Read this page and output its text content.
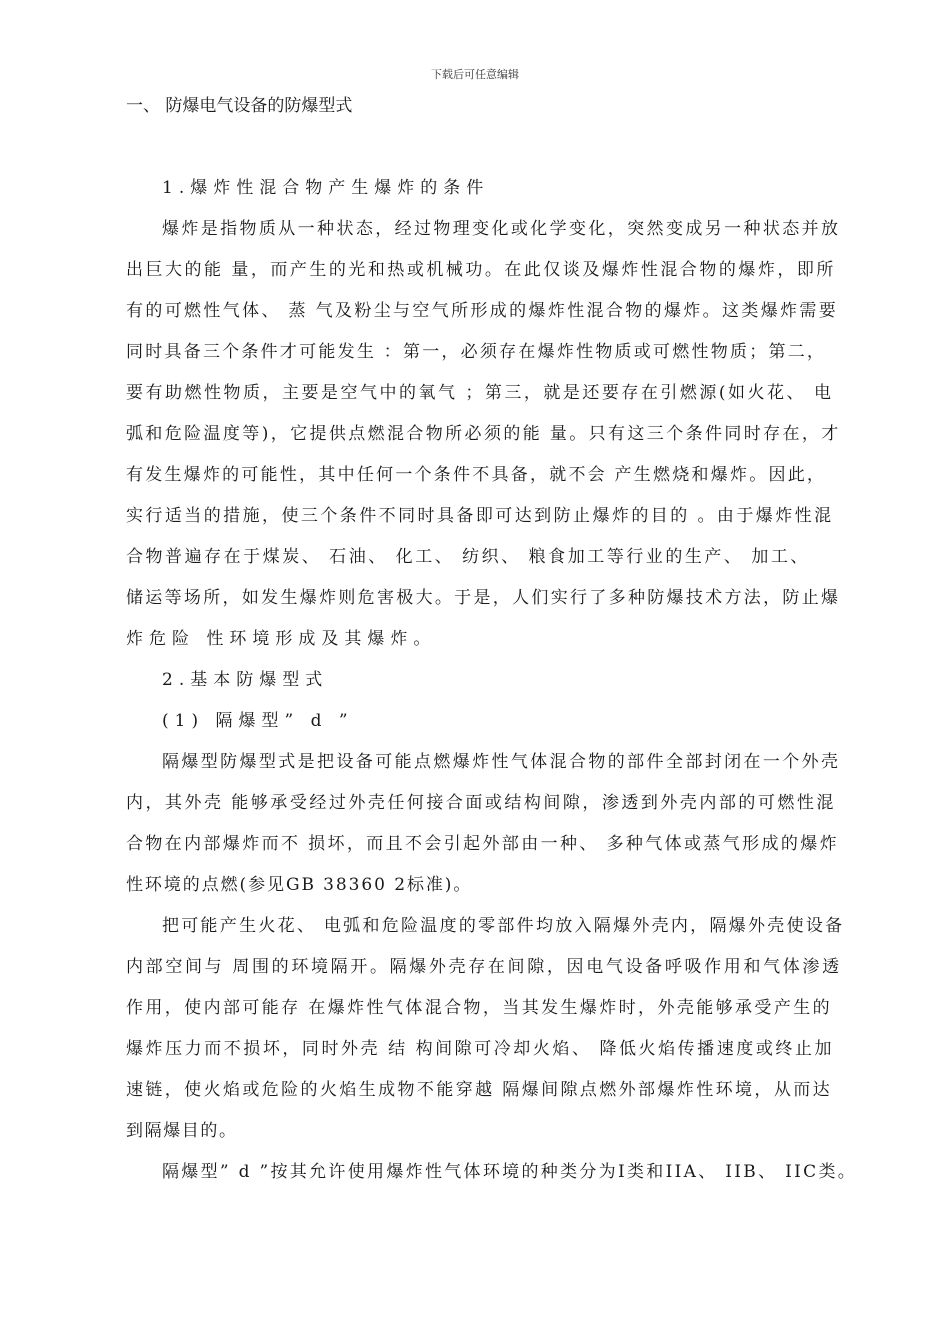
下载后可任意编辑
一、 防爆电气设备的防爆型式
1.爆炸性混合物产生爆炸的条件
爆炸是指物质从一种状态，经过物理变化或化学变化，突然变成另一种状态并放
出巨大的能 量，而产生的光和热或机械功。在此仅谈及爆炸性混合物的爆炸，即所
有的可燃性气体、 蒸 气及粉尘与空气所形成的爆炸性混合物的爆炸。这类爆炸需要
同时具备三个条件才可能发生 ：第一，必须存在爆炸性物质或可燃性物质；第二，
要有助燃性物质，主要是空气中的氧气 ；第三，就是还要存在引燃源(如火花、 电
弧和危险温度等)，它提供点燃混合物所必须的能 量。只有这三个条件同时存在，才
有发生爆炸的可能性，其中任何一个条件不具备，就不会 产生燃烧和爆炸。因此，
实行适当的措施，使三个条件不同时具备即可达到防止爆炸的目的 。由于爆炸性混
合物普遍存在于煤炭、 石油、 化工、 纺织、 粮食加工等行业的生产、 加工、
储运等场所，如发生爆炸则危害极大。于是，人们实行了多种防爆技术方法，防止爆
炸危险 性环境形成及其爆炸。
2.基本防爆型式
(1) 隔爆型” d ”
隔爆型防爆型式是把设备可能点燃爆炸性气体混合物的部件全部封闭在一个外壳
内，其外壳 能够承受经过外壳任何接合面或结构间隙，渗透到外壳内部的可燃性混
合物在内部爆炸而不 损坏，而且不会引起外部由一种、 多种气体或蒸气形成的爆炸
性环境的点燃(参见GB 38360 2标准)。
把可能产生火花、 电弧和危险温度的零部件均放入隔爆外壳内，隔爆外壳使设备
内部空间与 周围的环境隔开。隔爆外壳存在间隙，因电气设备呼吸作用和气体渗透
作用，使内部可能存 在爆炸性气体混合物，当其发生爆炸时，外壳能够承受产生的
爆炸压力而不损坏，同时外壳 结 构间隙可冷却火焰、 降低火焰传播速度或终止加
速链，使火焰或危险的火焰生成物不能穿越 隔爆间隙点燃外部爆炸性环境，从而达
到隔爆目的。
隔爆型” d ”按其允许使用爆炸性气体环境的种类分为Ⅰ类和IIA、 IIB、 IIC类。
